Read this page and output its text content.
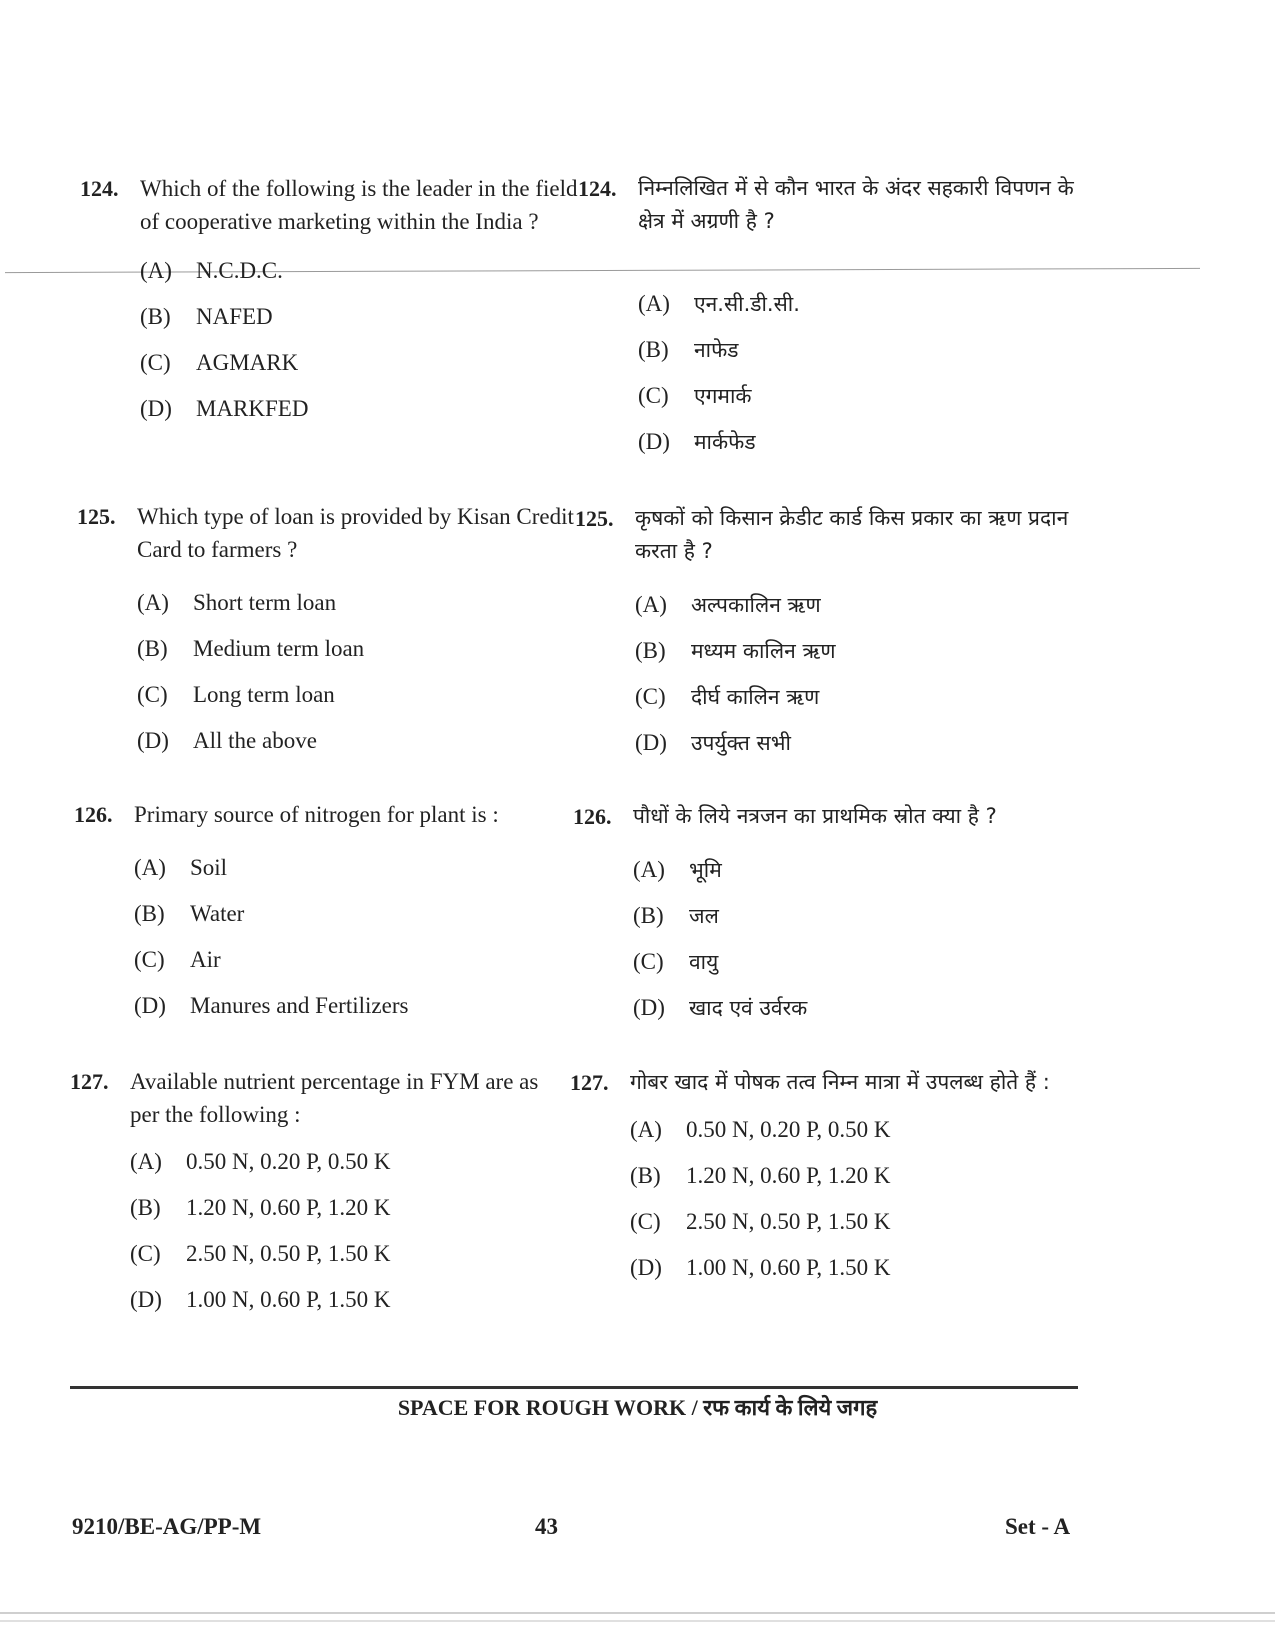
124. Which of the following is the leader in the field of cooperative marketing within the India ?
(A) N.C.D.C.
(B) NAFED
(C) AGMARK
(D) MARKFED
125. Which type of loan is provided by Kisan Credit Card to farmers ?
(A) Short term loan
(B) Medium term loan
(C) Long term loan
(D) All the above
126. Primary source of nitrogen for plant is :
(A) Soil
(B) Water
(C) Air
(D) Manures and Fertilizers
127. Available nutrient percentage in FYM are as per the following :
(A) 0.50 N, 0.20 P, 0.50 K
(B) 1.20 N, 0.60 P, 1.20 K
(C) 2.50 N, 0.50 P, 1.50 K
(D) 1.00 N, 0.60 P, 1.50 K
124. निम्नलिखित में से कौन भारत के अंदर सहकारी विपणन के क्षेत्र में अग्रणी है ?
(A) एन.सी.डी.सी.
(B) नाफेड
(C) एगमार्क
(D) मार्कफेड
125. कृषकों को किसान क्रेडीट कार्ड किस प्रकार का ऋण प्रदान करता है ?
(A) अल्पकालिन ऋण
(B) मध्यम कालिन ऋण
(C) दीर्घ कालिन ऋण
(D) उपर्युक्त सभी
126. पौधों के लिये नत्रजन का प्राथमिक स्रोत क्या है ?
(A) भूमि
(B) जल
(C) वायु
(D) खाद एवं उर्वरक
127. गोबर खाद में पोषक तत्व निम्न मात्रा में उपलब्ध होते हैं :
(A) 0.50 N, 0.20 P, 0.50 K
(B) 1.20 N, 0.60 P, 1.20 K
(C) 2.50 N, 0.50 P, 1.50 K
(D) 1.00 N, 0.60 P, 1.50 K
SPACE FOR ROUGH WORK / रफ कार्य के लिये जगह
9210/BE-AG/PP-M	43	Set - A
